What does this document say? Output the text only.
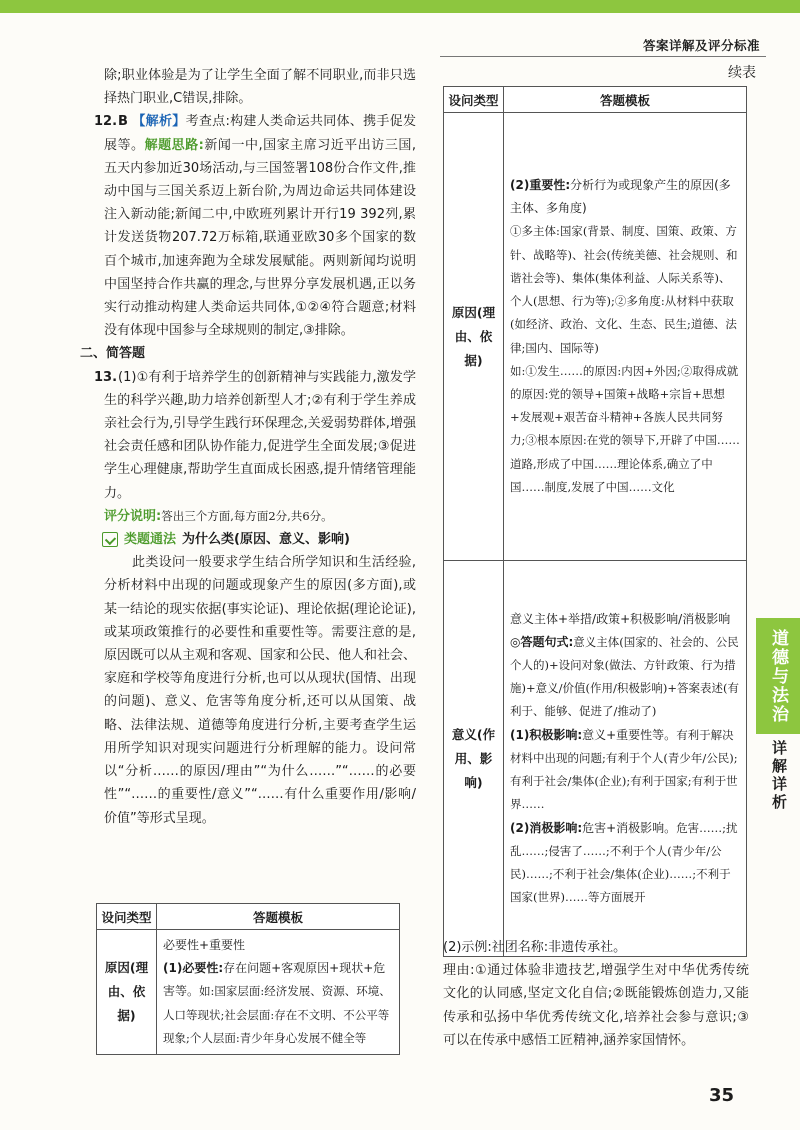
答案详解及评分标准
续表

除;职业体验是为了让学生全面了解不同职业,而非只选择热门职业,C错误,排除。

12.B 【解析】考查点:构建人类命运共同体、携手促发展等。解题思路:新闻一中,国家主席习近平出访三国,五天内参加近30场活动,与三国签署108份合作文件,推动中国与三国关系迈上新台阶,为周边命运共同体建设注入新动能;新闻二中,中欧班列累计开行19 392列,累计发送货物207.72万标箱,联通亚欧30多个国家的数百个城市,加速奔跑为全球发展赋能。两则新闻均说明中国坚持合作共赢的理念,与世界分享发展机遇,正以务实行动推动构建人类命运共同体,①②④符合题意;材料没有体现中国参与全球规则的制定,③排除。

二、简答题

13.(1)①有利于培养学生的创新精神与实践能力,激发学生的科学兴趣,助力培养创新型人才;②有利于学生养成亲社会行为,引导学生践行环保理念,关爱弱势群体,增强社会责任感和团队协作能力,促进学生全面发展;③促进学生心理健康,帮助学生直面成长困惑,提升情绪管理能力。

评分说明:答出三个方面,每方面2分,共6分。

类题通法 为什么类(原因、意义、影响)

此类设问一般要求学生结合所学知识和生活经验,分析材料中出现的问题或现象产生的原因(多方面),或某一结论的现实依据(事实论证)、理论依据(理论论证),或某项政策推行的必要性和重要性等。需要注意的是,原因既可以从主观和客观、国家和公民、他人和社会、家庭和学校等角度进行分析,也可以从现状(国情、出现的问题)、意义、危害等角度分析,还可以从国策、战略、法律法规、道德等角度进行分析,主要考查学生运用所学知识对现实问题进行分析理解的能力。设问常以“分析……的原因/理由”“为什么……”“……的必要性”“……的重要性/意义”“……有什么重要作用/影响/价值”等形式呈现。

设问类型	答题模板
原因(理由、依据)	必要性+重要性
(1)必要性:存在问题+客观原因+现状+危害等。如:国家层面:经济发展、资源、环境、人口等现状;社会层面:存在不文明、不公平等现象;个人层面:青少年身心发展不健全等
设问类型	答题模板
原因(理由、依据)	(2)重要性:分析行为或现象产生的原因(多主体、多角度)
①多主体:国家(背景、制度、国策、政策、方针、战略等)、社会(传统美德、社会规则、和谐社会等)、集体(集体利益、人际关系等)、个人(思想、行为等);②多角度:从材料中获取(如经济、政治、文化、生态、民生;道德、法律;国内、国际等)
如:①发生……的原因:内因+外因;②取得成就的原因:党的领导+国策+战略+宗旨+思想+发展观+艰苦奋斗精神+各族人民共同努力;③根本原因:在党的领导下,开辟了中国……道路,形成了中国……理论体系,确立了中国……制度,发展了中国……文化

意义(作用、影响)	意义主体+举措/政策+积极影响/消极影响
◎答题句式:意义主体(国家的、社会的、公民个人的)+设问对象(做法、方针政策、行为措施)+意义/价值(作用/积极影响)+答案表述(有利于、能够、促进了/推动了)
(1)积极影响:意义+重要性等。有利于解决材料中出现的问题;有利于个人(青少年/公民);有利于社会/集体(企业);有利于国家;有利于世界……
(2)消极影响:危害+消极影响。危害……;扰乱……;侵害了……;不利于个人(青少年/公民)……;不利于社会/集体(企业)……;不利于国家(世界)……等方面展开

(2)示例:社团名称:非遗传承社。

理由:①通过体验非遗技艺,增强学生对中华优秀传统文化的认同感,坚定文化自信;②既能锻炼创造力,又能传承和弘扬中华优秀传统文化,培养社会参与意识;③可以在传承中感悟工匠精神,涵养家国情怀。

道德与法治
详解详析
35
